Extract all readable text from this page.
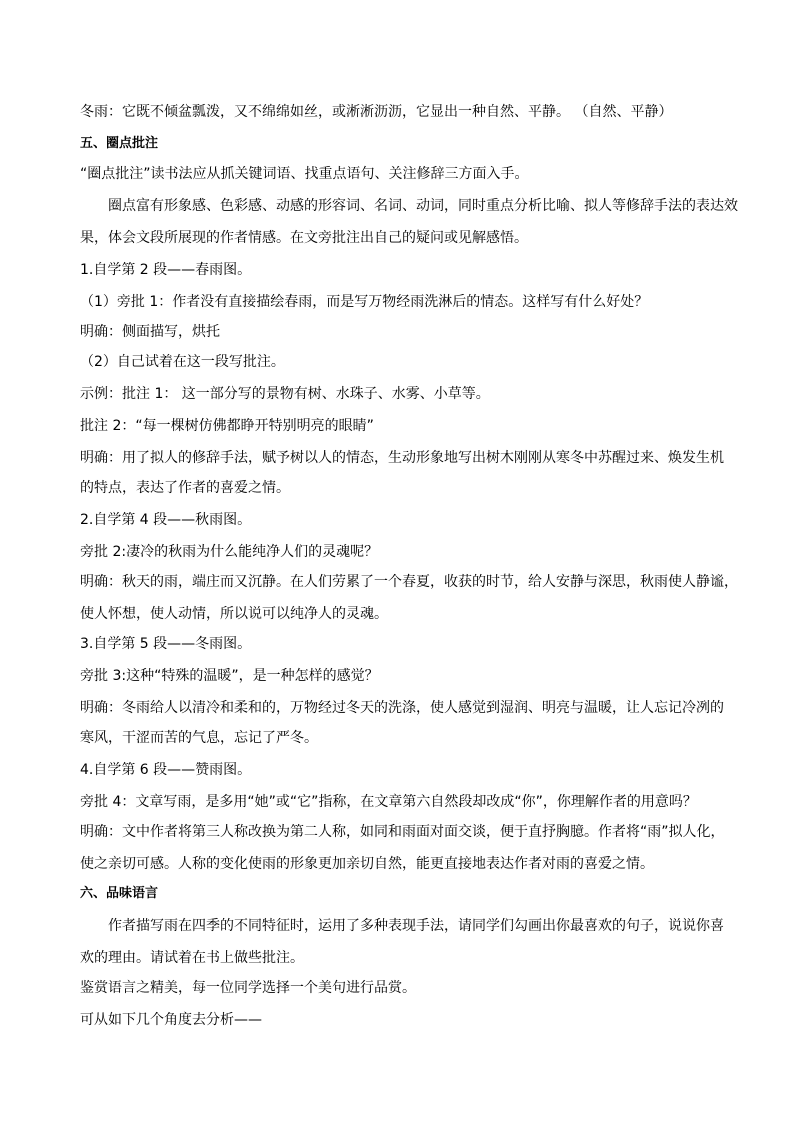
冬雨：它既不倾盆瓢泼，又不绵绵如丝，或淅淅沥沥，它显出一种自然、平静。 （自然、平静）
五、圈点批注
“圈点批注”读书法应从抓关键词语、找重点语句、关注修辞三方面入手。
圈点富有形象感、色彩感、动感的形容词、名词、动词，同时重点分析比喻、拟人等修辞手法的表达效
果，体会文段所展现的作者情感。在文旁批注出自己的疑问或见解感悟。
1.自学第 2 段——春雨图。
（1）旁批 1：作者没有直接描绘春雨，而是写万物经雨洗淋后的情态。这样写有什么好处？
明确：侧面描写，烘托
（2）自己试着在这一段写批注。
示例：批注 1： 这一部分写的景物有树、水珠子、水雾、小草等。
批注 2：“每一棵树仿佛都睁开特别明亮的眼睛”
明确：用了拟人的修辞手法，赋予树以人的情态，生动形象地写出树木刚刚从寒冬中苏醒过来、焕发生机
的特点，表达了作者的喜爱之情。
2.自学第 4 段——秋雨图。
旁批 2:凄冷的秋雨为什么能纯净人们的灵魂呢？
明确：秋天的雨，端庄而又沉静。在人们劳累了一个春夏，收获的时节，给人安静与深思，秋雨使人静谧，
使人怀想，使人动情，所以说可以纯净人的灵魂。
3.自学第 5 段——冬雨图。
旁批 3:这种“特殊的温暖”，是一种怎样的感觉？
明确：冬雨给人以清冷和柔和的，万物经过冬天的洗涤，使人感觉到湿润、明亮与温暖，让人忘记冷冽的
寒风，干涩而苦的气息，忘记了严冬。
4.自学第 6 段——赞雨图。
旁批 4：文章写雨，是多用“她”或“它”指称，在文章第六自然段却改成“你”，你理解作者的用意吗？
明确：文中作者将第三人称改换为第二人称，如同和雨面对面交谈，便于直抒胸臆。作者将“雨”拟人化，
使之亲切可感。人称的变化使雨的形象更加亲切自然，能更直接地表达作者对雨的喜爱之情。
六、品味语言
作者描写雨在四季的不同特征时，运用了多种表现手法，请同学们勾画出你最喜欢的句子，说说你喜
欢的理由。请试着在书上做些批注。
鉴赏语言之精美，每一位同学选择一个美句进行品赏。
可从如下几个角度去分析——
